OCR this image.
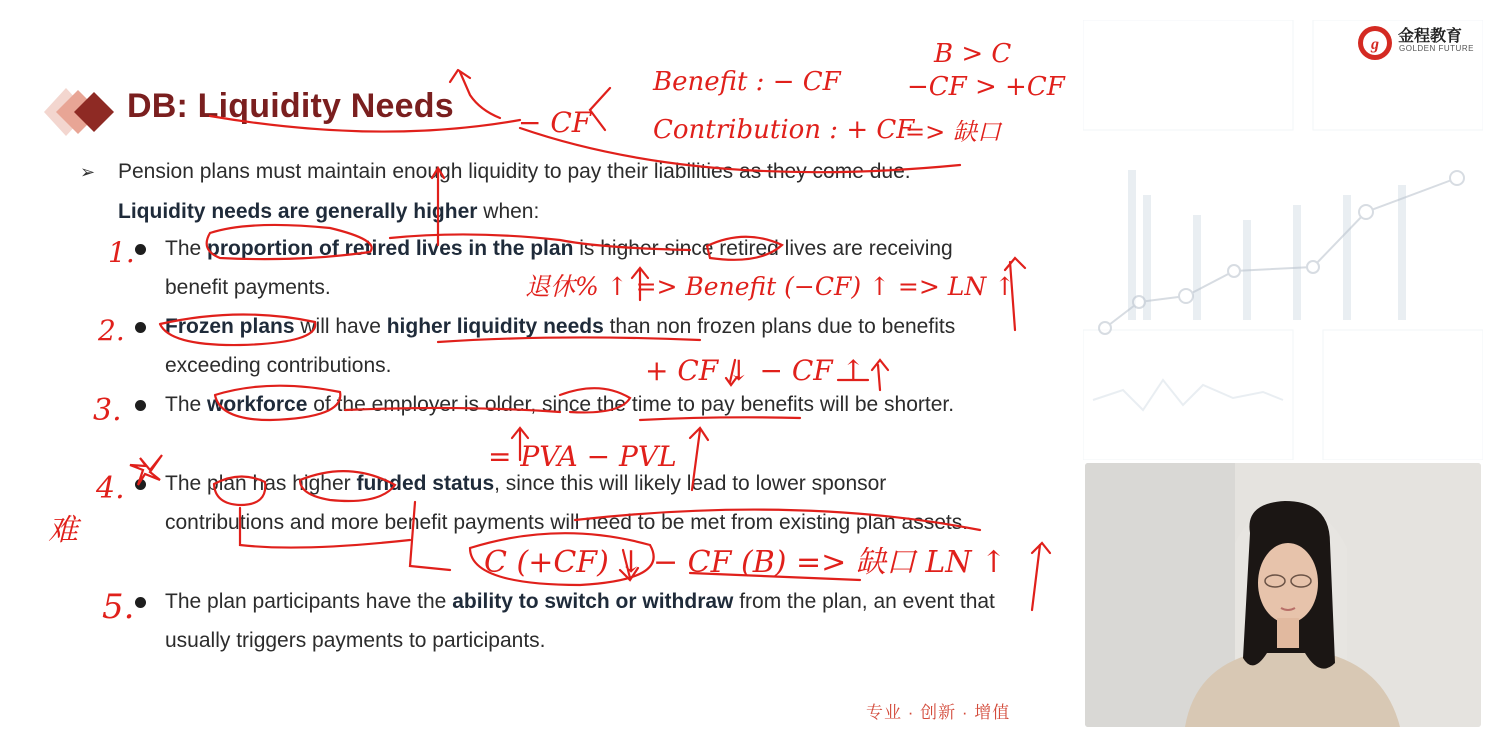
DB: Liquidity Needs
➢	Pension plans must maintain enough liquidity to pay their liabilities as they come due. Liquidity needs are generally higher when:
The proportion of retired lives in the plan is higher since retired lives are receiving benefit payments.
Frozen plans will have higher liquidity needs than non frozen plans due to benefits exceeding contributions.
The workforce of the employer is older, since the time to pay benefits will be shorter.
The plan has higher funded status, since this will likely lead to lower sponsor contributions and more benefit payments will need to be met from existing plan assets.
The plan participants have the ability to switch or withdraw from the plan, an event that usually triggers payments to participants.
专业 · 创新 · 增值
g 金程教育
GOLDEN FUTURE
B > C
Benefit : − CF	−CF > +CF
Contribution : + CF
=> 缺口
− CF
1.
2.
3.
4.
5.
难
退休% ↑ => Benefit (−CF) ↑ => LN ↑
+ CF ↓ − CF ↑
= PVA − PVL
C (+CF) ↓ − CF (B) => 缺口 LN ↑
